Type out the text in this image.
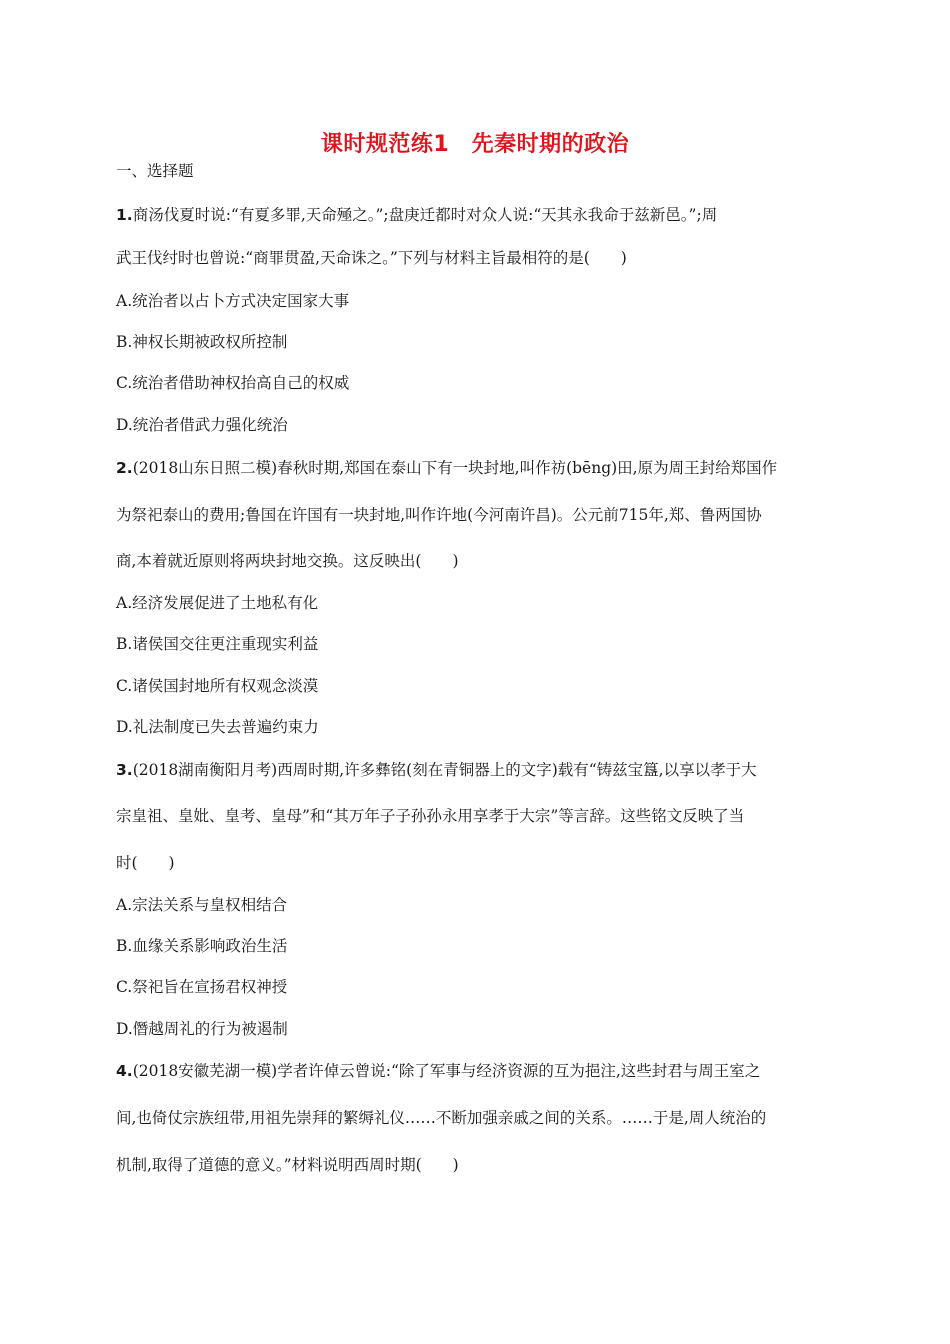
课时规范练1　先秦时期的政治
一、选择题
1.商汤伐夏时说:“有夏多罪,天命殛之。”;盘庚迁都时对众人说:“天其永我命于兹新邑。”;周
武王伐纣时也曾说:“商罪贯盈,天命诛之。”下列与材料主旨最相符的是(　　)
A.统治者以占卜方式决定国家大事
B.神权长期被政权所控制
C.统治者借助神权抬高自己的权威
D.统治者借武力强化统治
2.(2018山东日照二模)春秋时期,郑国在泰山下有一块封地,叫作祊(bēng)田,原为周王封给郑国作
为祭祀泰山的费用;鲁国在许国有一块封地,叫作许地(今河南许昌)。公元前715年,郑、鲁两国协
商,本着就近原则将两块封地交换。这反映出(　　)
A.经济发展促进了土地私有化
B.诸侯国交往更注重现实利益
C.诸侯国封地所有权观念淡漠
D.礼法制度已失去普遍约束力
3.(2018湖南衡阳月考)西周时期,许多彝铭(刻在青铜器上的文字)载有“铸兹宝簋,以享以孝于大
宗皇祖、皇妣、皇考、皇母”和“其万年子子孙孙永用享孝于大宗”等言辞。这些铭文反映了当
时(　　)
A.宗法关系与皇权相结合
B.血缘关系影响政治生活
C.祭祀旨在宣扬君权神授
D.僭越周礼的行为被遏制
4.(2018安徽芜湖一模)学者许倬云曾说:“除了军事与经济资源的互为挹注,这些封君与周王室之
间,也倚仗宗族纽带,用祖先崇拜的繁缛礼仪……不断加强亲戚之间的关系。……于是,周人统治的
机制,取得了道德的意义。”材料说明西周时期(　　)
